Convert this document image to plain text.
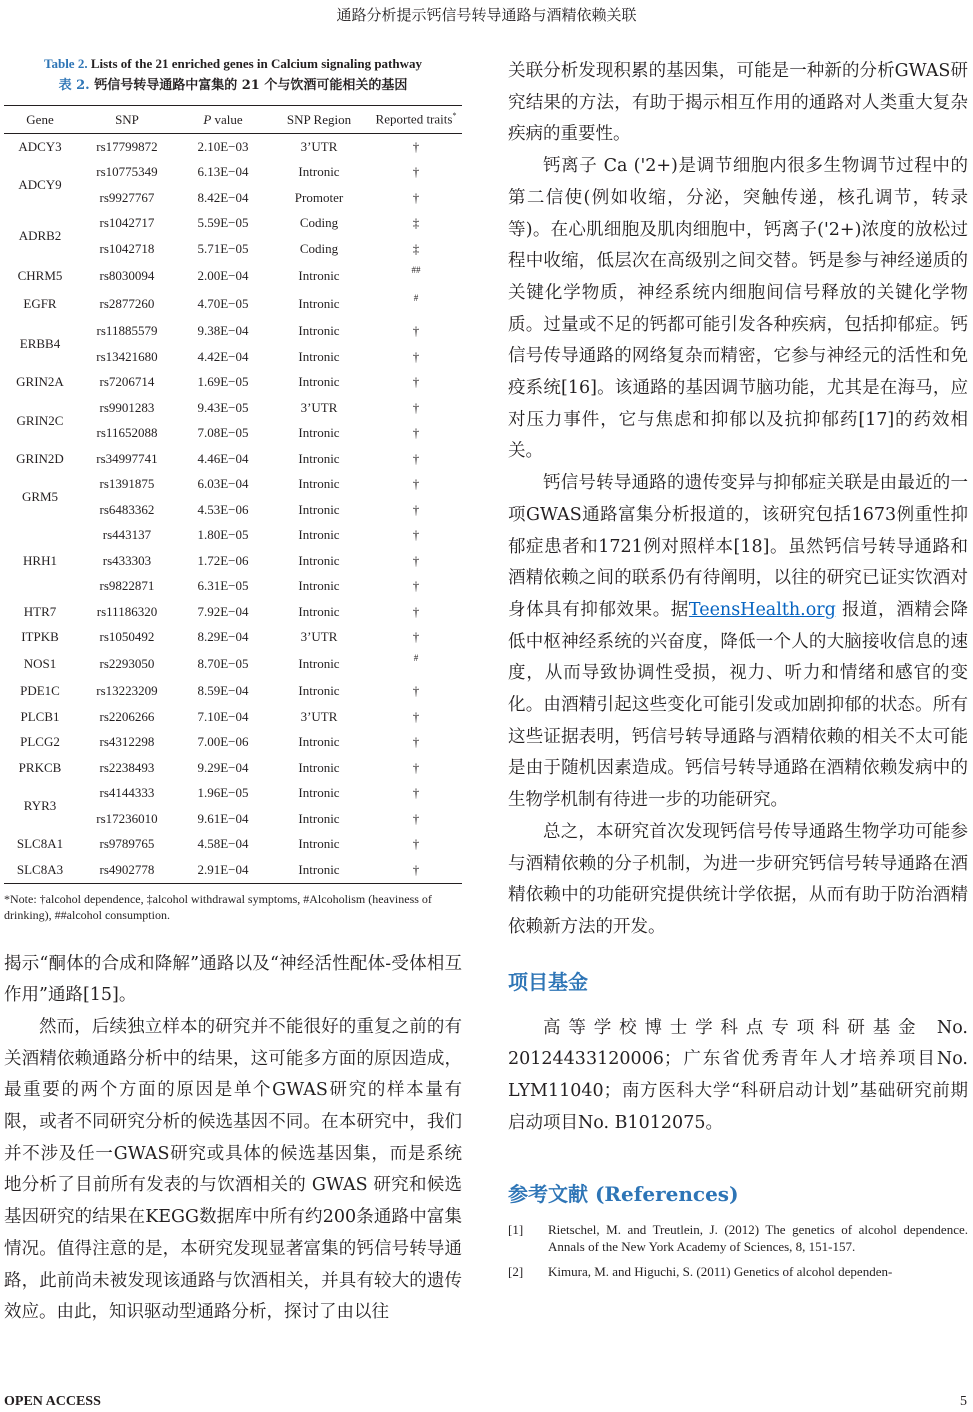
通路分析提示钙信号转导通路与酒精依赖关联
Table 2. Lists of the 21 enriched genes in Calcium signaling pathway
表 2. 钙信号转导通路中富集的 21 个与饮酒可能相关的基因
Gene	SNP	P value	SNP Region	Reported traits*
ADCY3	rs17799872	2.10E−03	3’UTR	†
ADCY9	rs10775349	6.13E−04	Intronic	†
	rs9927767	8.42E−04	Promoter	†
ADRB2	rs1042717	5.59E−05	Coding	‡
	rs1042718	5.71E−05	Coding	‡
CHRM5	rs8030094	2.00E−04	Intronic	##
EGFR	rs2877260	4.70E−05	Intronic	#
ERBB4	rs11885579	9.38E−04	Intronic	†
	rs13421680	4.42E−04	Intronic	†
GRIN2A	rs7206714	1.69E−05	Intronic	†
GRIN2C	rs9901283	9.43E−05	3’UTR	†
	rs11652088	7.08E−05	Intronic	†
GRIN2D	rs34997741	4.46E−04	Intronic	†
GRM5	rs1391875	6.03E−04	Intronic	†
	rs6483362	4.53E−06	Intronic	†
HRH1	rs443137	1.80E−05	Intronic	†
	rs433303	1.72E−06	Intronic	†
	rs9822871	6.31E−05	Intronic	†
HTR7	rs11186320	7.92E−04	Intronic	†
ITPKB	rs1050492	8.29E−04	3’UTR	†
NOS1	rs2293050	8.70E−05	Intronic	#
PDE1C	rs13223209	8.59E−04	Intronic	†
PLCB1	rs2206266	7.10E−04	3’UTR	†
PLCG2	rs4312298	7.00E−06	Intronic	†
PRKCB	rs2238493	9.29E−04	Intronic	†
RYR3	rs4144333	1.96E−05	Intronic	†
	rs17236010	9.61E−04	Intronic	†
SLC8A1	rs9789765	4.58E−04	Intronic	†
SLC8A3	rs4902778	2.91E−04	Intronic	†
*Note: †alcohol dependence, ‡alcohol withdrawal symptoms, #Alcoholism (heaviness of drinking), ##alcohol consumption.

揭示“酮体的合成和降解”通路以及“神经活性配体-受体相互作用”通路[15]。

然而，后续独立样本的研究并不能很好的重复之前的有关酒精依赖通路分析中的结果，这可能多方面的原因造成，最重要的两个方面的原因是单个GWAS研究的样本量有限，或者不同研究分析的候选基因不同。在本研究中，我们并不涉及任一GWAS研究或具体的候选基因集，而是系统地分析了目前所有发表的与饮酒相关的 GWAS 研究和候选基因研究的结果在KEGG数据库中所有约200条通路中富集情况。值得注意的是，本研究发现显著富集的钙信号转导通路，此前尚未被发现该通路与饮酒相关，并具有较大的遗传效应。由此，知识驱动型通路分析，探讨了由以往

关联分析发现积累的基因集，可能是一种新的分析GWAS研究结果的方法，有助于揭示相互作用的通路对人类重大复杂疾病的重要性。

钙离子 Ca ('2+)是调节细胞内很多生物调节过程中的第二信使(例如收缩，分泌，突触传递，核孔调节，转录等)。在心肌细胞及肌肉细胞中，钙离子('2+)浓度的放松过程中收缩，低层次在高级别之间交替。钙是参与神经递质的关键化学物质，神经系统内细胞间信号释放的关键化学物质。过量或不足的钙都可能引发各种疾病，包括抑郁症。钙信号传导通路的网络复杂而精密，它参与神经元的活性和免疫系统[16]。该通路的基因调节脑功能，尤其是在海马，应对压力事件，它与焦虑和抑郁以及抗抑郁药[17]的药效相关。

钙信号转导通路的遗传变异与抑郁症关联是由最近的一项GWAS通路富集分析报道的，该研究包括1673例重性抑郁症患者和1721例对照样本[18]。虽然钙信号转导通路和酒精依赖之间的联系仍有待阐明，以往的研究已证实饮酒对身体具有抑郁效果。据TeensHealth.org 报道，酒精会降低中枢神经系统的兴奋度，降低一个人的大脑接收信息的速度，从而导致协调性受损，视力、听力和情绪和感官的变化。由酒精引起这些变化可能引发或加剧抑郁的状态。所有这些证据表明，钙信号转导通路与酒精依赖的相关不太可能是由于随机因素造成。钙信号转导通路在酒精依赖发病中的生物学机制有待进一步的功能研究。

总之，本研究首次发现钙信号传导通路生物学功可能参与酒精依赖的分子机制，为进一步研究钙信号转导通路在酒精依赖中的功能研究提供统计学依据，从而有助于防治酒精依赖新方法的开发。

项目基金

高等学校博士学科点专项科研基金 No. 20124433120006；广东省优秀青年人才培养项目No. LYM11040；南方医科大学“科研启动计划”基础研究前期启动项目No. B1012075。

参考文献 (References)
[1]	Rietschel, M. and Treutlein, J. (2012) The genetics of alcohol dependence. Annals of the New York Academy of Sciences, 8, 151-157.
[2]	Kimura, M. and Higuchi, S. (2011) Genetics of alcohol dependen-
OPEN ACCESS	5
